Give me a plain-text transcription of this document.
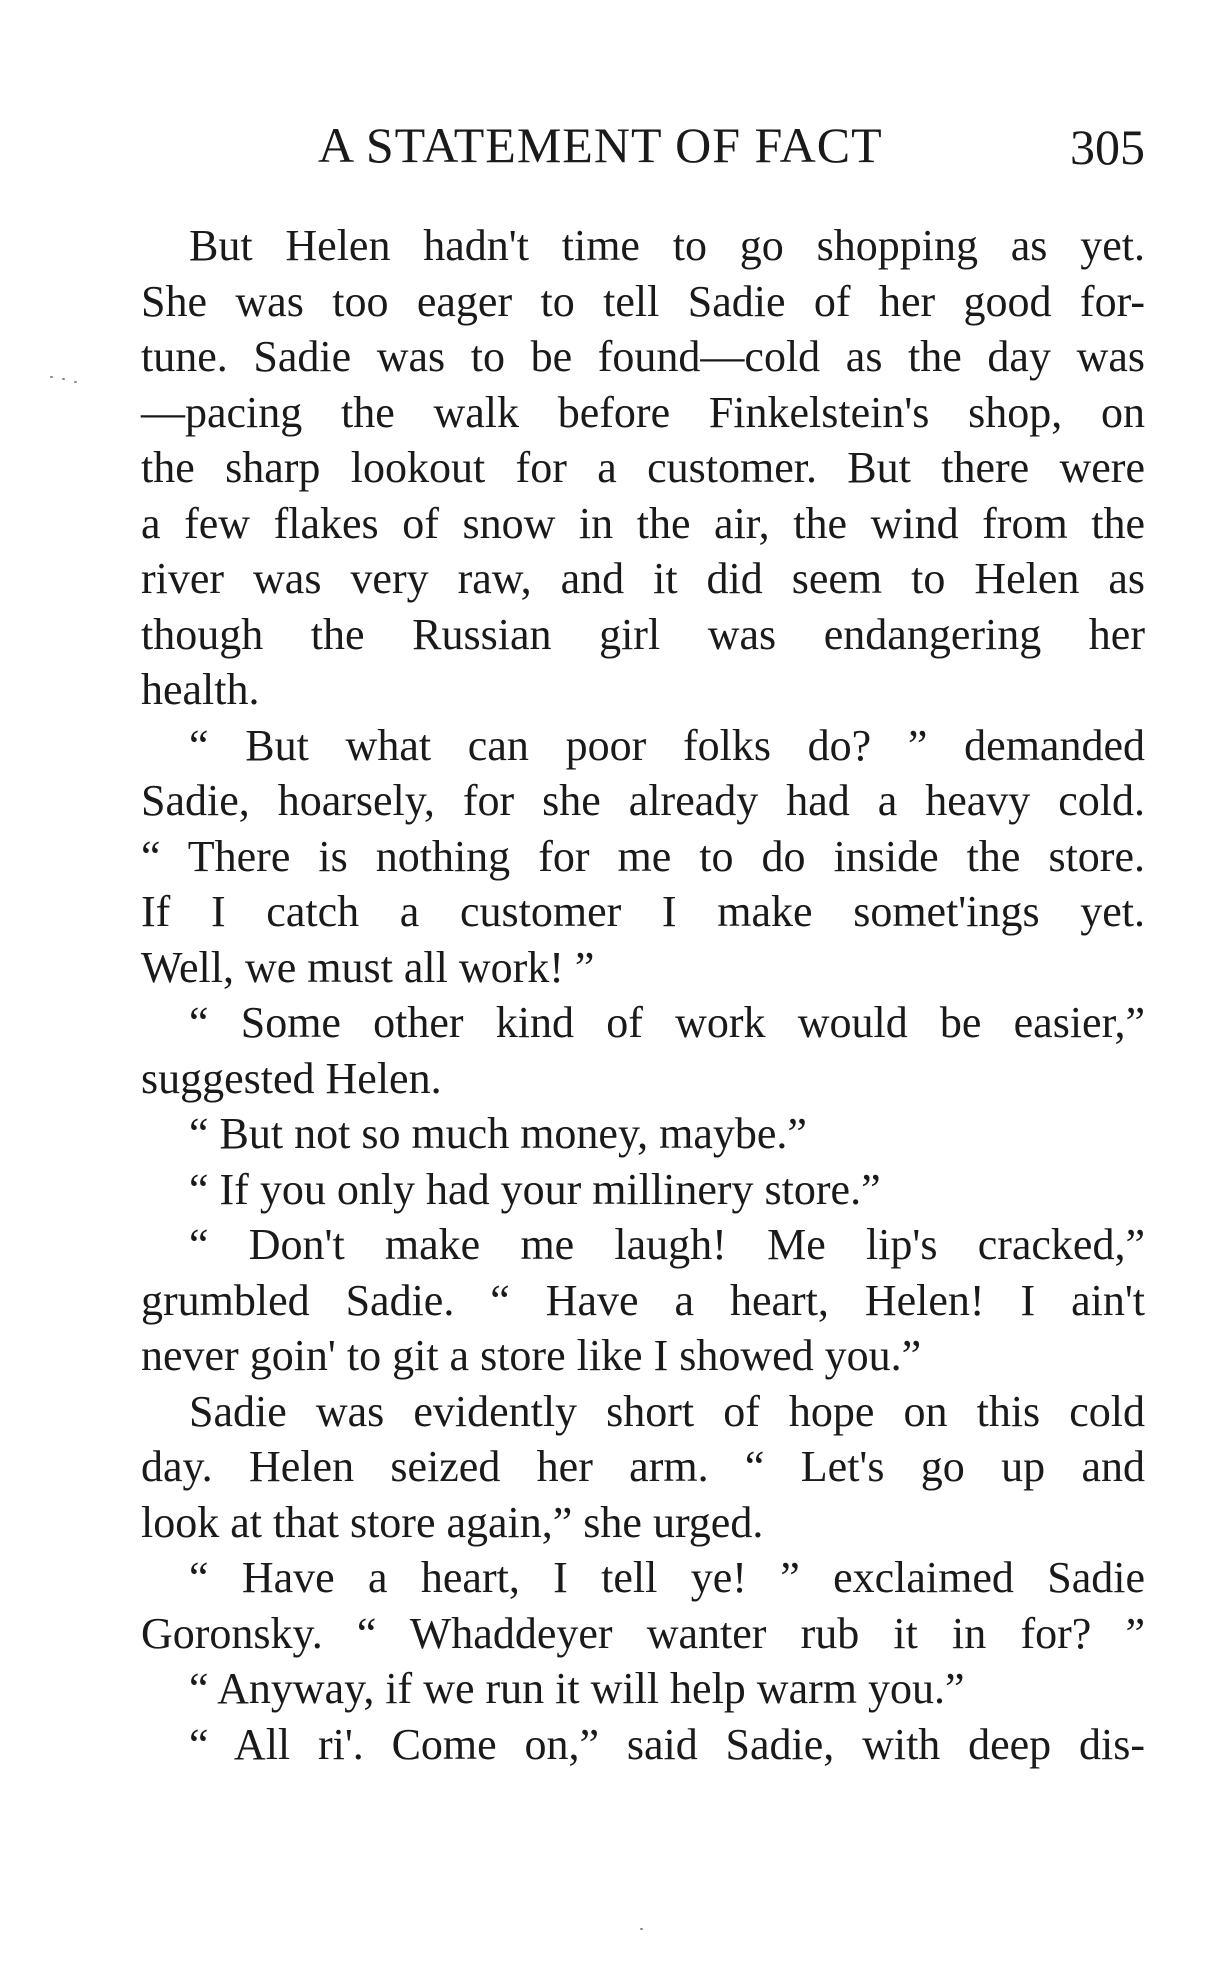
A STATEMENT OF FACT	305
But Helen hadn't time to go shopping as yet.
She was too eager to tell Sadie of her good for-
tune. Sadie was to be found—cold as the day was
—pacing the walk before Finkelstein's shop, on
the sharp lookout for a customer. But there were
a few flakes of snow in the air, the wind from the
river was very raw, and it did seem to Helen as
though the Russian girl was endangering her
health.
“ But what can poor folks do? ” demanded
Sadie, hoarsely, for she already had a heavy cold.
“ There is nothing for me to do inside the store.
If I catch a customer I make somet'ings yet.
Well, we must all work! ”
“ Some other kind of work would be easier,”
suggested Helen.
“ But not so much money, maybe.”
“ If you only had your millinery store.”
“ Don't make me laugh! Me lip's cracked,”
grumbled Sadie. “ Have a heart, Helen! I ain't
never goin' to git a store like I showed you.”
Sadie was evidently short of hope on this cold
day. Helen seized her arm. “ Let's go up and
look at that store again,” she urged.
“ Have a heart, I tell ye! ” exclaimed Sadie
Goronsky. “ Whaddeyer wanter rub it in for? ”
“ Anyway, if we run it will help warm you.”
“ All ri'. Come on,” said Sadie, with deep dis-
